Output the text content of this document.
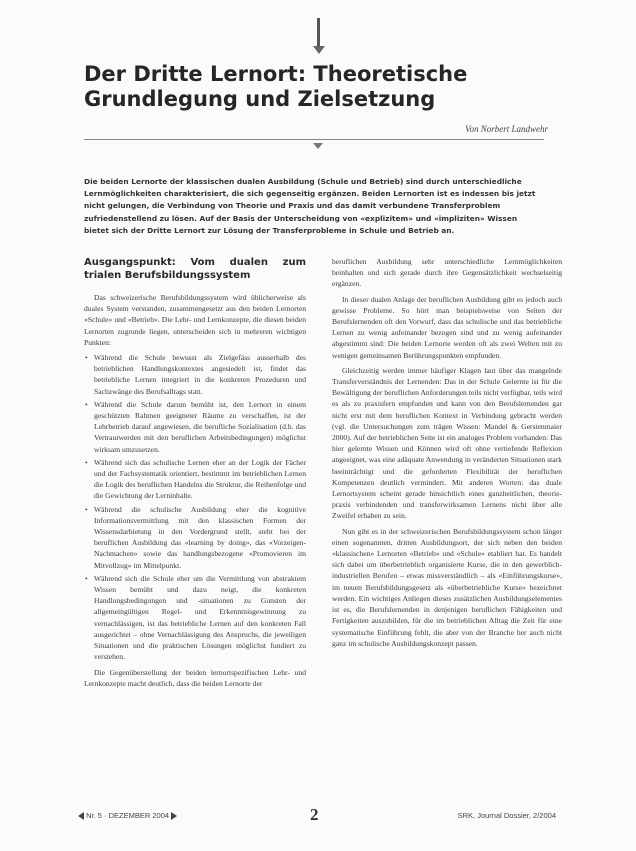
Der Dritte Lernort: Theoretische Grundlegung und Zielsetzung
Von Norbert Landwehr

Die beiden Lernorte der klassischen dualen Ausbildung (Schule und Betrieb) sind durch unterschiedliche Lernmöglichkeiten charakterisiert, die sich gegenseitig ergänzen. Beiden Lernorten ist es indessen bis jetzt nicht gelungen, die Verbindung von Theorie und Praxis und das damit verbundene Transferproblem zufriedenstellend zu lösen. Auf der Basis der Unterscheidung von «explizitem» und «impliziten» Wissen bietet sich der Dritte Lernort zur Lösung der Transferprobleme in Schule und Betrieb an.

Ausgangspunkt: Vom dualen zum trialen Berufsbildungssystem

Das schweizerische Berufsbildungssystem wird üblicherweise als duales System verstanden, zusammengesetzt aus den beiden Lernorten «Schule» und «Betrieb». Die Lehr- und Lernkonzepte, die diesen beiden Lernorten zugrunde liegen, unterscheiden sich in mehreren wichtigen Punkten:

• Während die Schule bewusst als Zielgefäss ausserhalb des betrieblichen Handlungskontextes angesiedelt ist, findet das betriebliche Lernen integriert in die konkreten Prozeduren und Sachzwänge des Berufsalltags statt.
• Während die Schule darum bemüht ist, den Lernort in einem geschützten Rahmen geeigneter Räume zu verschaffen, ist der Lehrbetrieb darauf angewiesen, die berufliche Sozialisation (d.h. das Vertrautwerden mit den beruflichen Arbeitsbedingungen) möglichst wirksam umzusetzen.
• Während sich das schulische Lernen eher an der Logik der Fächer und der Fachsystematik orientiert, bestimmt im betrieblichen Lernen die Logik des beruflichen Handelns die Struktur, die Reihenfolge und die Gewichtung der Lerninhalte.
• Während die schulische Ausbildung eher die kognitive Informationsvermittlung mit den klassischen Formen der Wissensdarbietung in den Vordergrund stellt, steht bei der beruflichen Ausbildung das «learning by doing», das «Vorzeigen-Nachmachen» sowie das handlungsbezogene «Promovieren im Mitvollzug» im Mittelpunkt.
• Während sich die Schule eher um die Vermittlung von abstraktem Wissen bemüht und dazu neigt, die konkreten Handlungsbedingungen und -situationen zu Gunsten der allgemeingültigen Regel- und Erkenntnisgewinnung zu vernachlässigen, ist das betriebliche Lernen auf den konkreten Fall ausgerichtet – ohne Vernachlässigung des Anspruchs, die jeweiligen Situationen und die praktischen Lösungen möglichst fundiert zu verstehen.

Die Gegenüberstellung der beiden lernortspezifischen Lehr- und Lernkonzepte macht deutlich, dass die beiden Lernorte der

beruflichen Ausbildung sehr unterschiedliche Lernmöglichkeiten beinhalten und sich gerade durch ihre Gegensätzlichkeit wechselseitig ergänzen.

In dieser dualen Anlage der beruflichen Ausbildung gibt es jedoch auch gewisse Probleme. So hört man beispielsweise von Seiten der Berufslernenden oft den Vorwurf, dass das schulische und das betriebliche Lernen zu wenig aufeinander bezogen sind und zu wenig aufeinander abgestimmt sind: Die beiden Lernorte werden oft als zwei Welten mit zu wenigen gemeinsamen Berührungspunkten empfunden.

Gleichzeitig werden immer häufiger Klagen laut über das mangelnde Transferverständnis der Lernenden: Das in der Schule Gelernte ist für die Bewältigung der beruflichen Anforderungen teils nicht verfügbar, teils wird es als zu praxisfern empfunden und kann von den Berufslernenden gar nicht erst mit dem beruflichen Kontext in Verbindung gebracht werden (vgl. die Untersuchungen zum trägen Wissen: Mandel & Gerstenmaier 2000). Auf der betrieblichen Seite ist ein analoges Problem vorhanden: Das hier gelernte Wissen und Können wird oft ohne vertiefende Reflexion angeeignet, was eine adäquate Anwendung in veränderten Situationen stark beeinträchtigt und die geforderten Flexibilität der beruflichen Kompetenzen deutlich vermindert. Mit anderen Worten: das duale Lernortsystem scheint gerade hinsichtlich eines ganzheitlichen, theorie-praxis verbindenden und transferwirksamen Lernens nicht über alle Zweifel erhaben zu sein.

Nun gibt es in der schweizerischen Berufsbildungssystem schon länger einen sogenannten, dritten Ausbildungsort, der sich neben den beiden «klassischen» Lernorten «Betrieb» und «Schule» etabliert hat. Es handelt sich dabei um überbetrieblich organisierte Kurse, die in den gewerblich-industriellen Berufen – etwas missverständlich – als «Einführungskurse», im neuen Berufsbildungsgesetz als «überbetriebliche Kurse» bezeichnet werden. Ein wichtiges Anliegen dieses zusätzlichen Ausbildungselementes ist es, die Berufslernenden in denjenigen beruflichen Fähigkeiten und Fertigkeiten auszubilden, für die im betrieblichen Alltag die Zeit für eine systematische Einführung fehlt, die aber von der Branche her auch nicht ganz im schulische Ausbildungskonzept passen.

Nr. 5 · DEZEMBER 2004	2	SRK, Journal Dossier, 2/2004
